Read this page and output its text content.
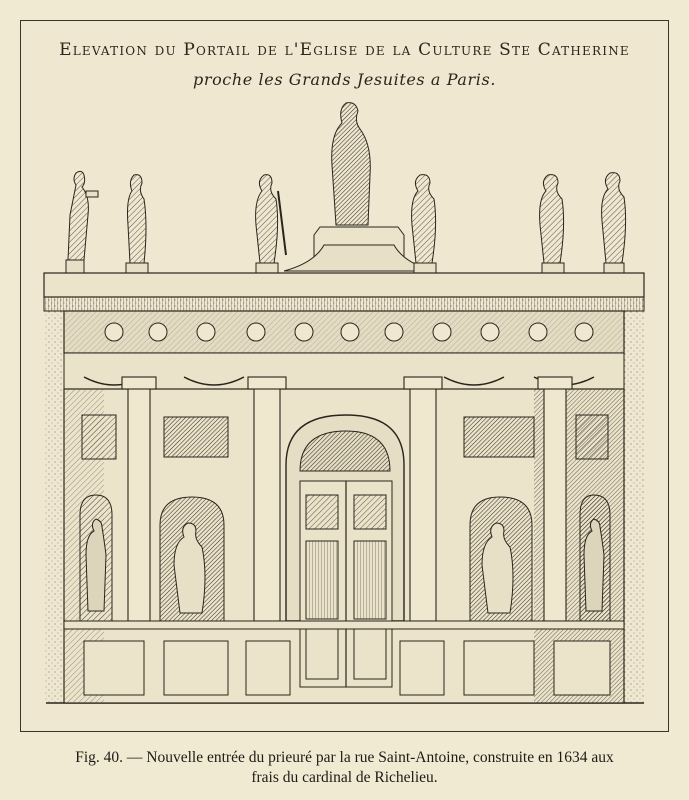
Elevation du Portail de l'Eglise de la Culture Ste Catherine
proche les Grands Jesuites a Paris.
Fig. 40. — Nouvelle entrée du prieuré par la rue Saint-Antoine, construite en 1634 aux
frais du cardinal de Richelieu.
